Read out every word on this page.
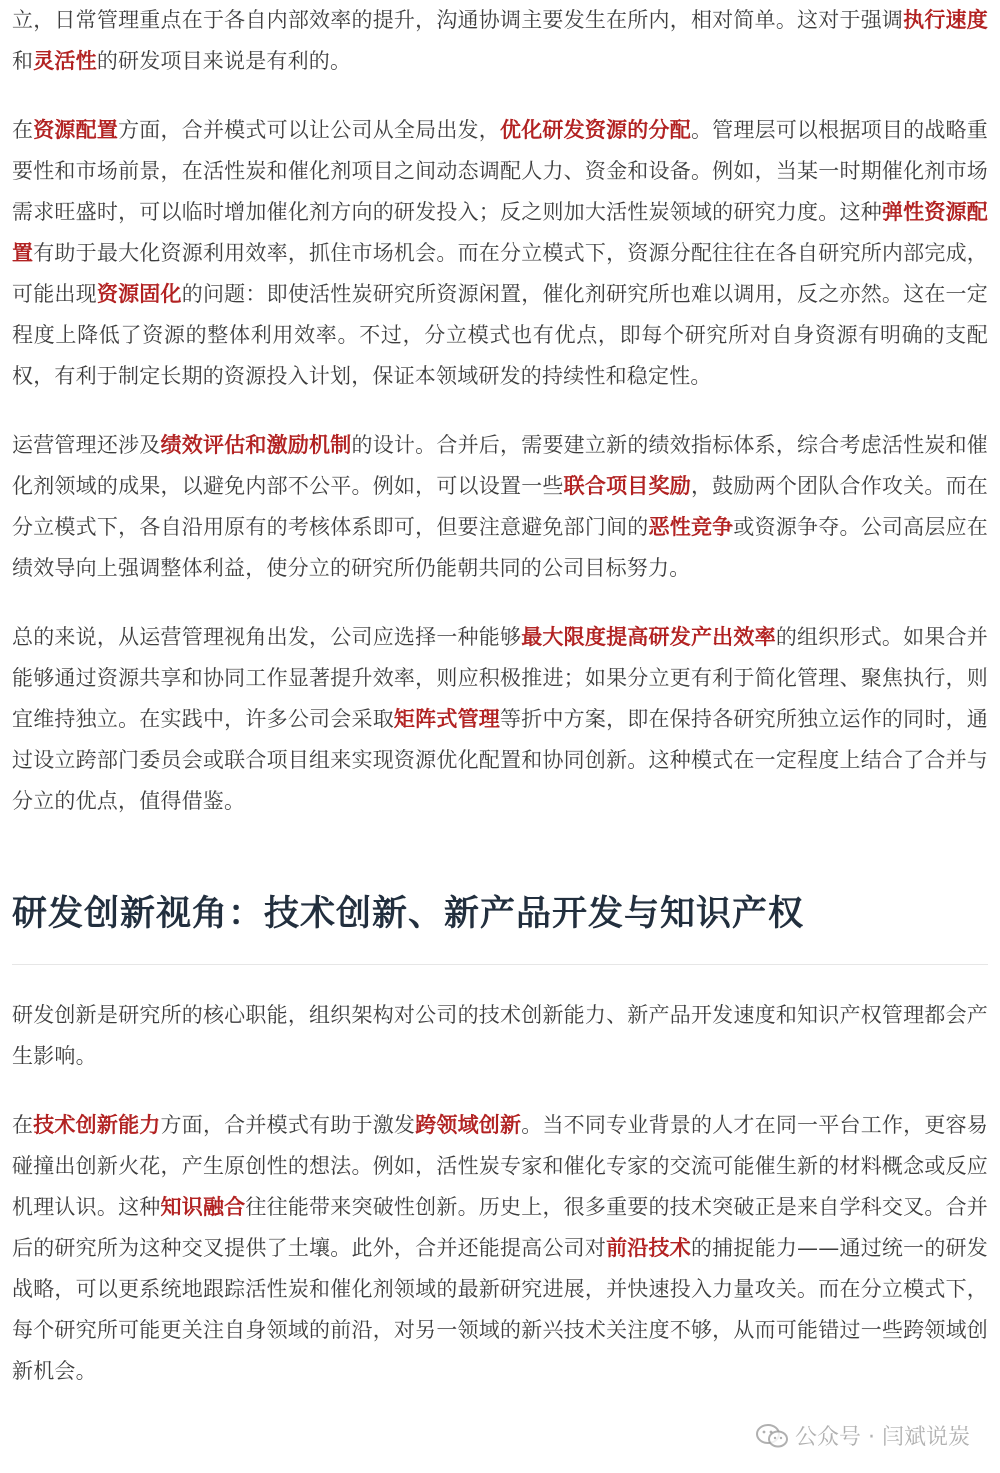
立，日常管理重点在于各自内部效率的提升，沟通协调主要发生在所内，相对简单。这对于强调执行速度和灵活性的研发项目来说是有利的。

在资源配置方面，合并模式可以让公司从全局出发，优化研发资源的分配。管理层可以根据项目的战略重要性和市场前景，在活性炭和催化剂项目之间动态调配人力、资金和设备。例如，当某一时期催化剂市场需求旺盛时，可以临时增加催化剂方向的研发投入；反之则加大活性炭领域的研究力度。这种弹性资源配置有助于最大化资源利用效率，抓住市场机会。而在分立模式下，资源分配往往在各自研究所内部完成，可能出现资源固化的问题：即使活性炭研究所资源闲置，催化剂研究所也难以调用，反之亦然。这在一定程度上降低了资源的整体利用效率。不过，分立模式也有优点，即每个研究所对自身资源有明确的支配权，有利于制定长期的资源投入计划，保证本领域研发的持续性和稳定性。

运营管理还涉及绩效评估和激励机制的设计。合并后，需要建立新的绩效指标体系，综合考虑活性炭和催化剂领域的成果，以避免内部不公平。例如，可以设置一些联合项目奖励，鼓励两个团队合作攻关。而在分立模式下，各自沿用原有的考核体系即可，但要注意避免部门间的恶性竞争或资源争夺。公司高层应在绩效导向上强调整体利益，使分立的研究所仍能朝共同的公司目标努力。

总的来说，从运营管理视角出发，公司应选择一种能够最大限度提高研发产出效率的组织形式。如果合并能够通过资源共享和协同工作显著提升效率，则应积极推进；如果分立更有利于简化管理、聚焦执行，则宜维持独立。在实践中，许多公司会采取矩阵式管理等折中方案，即在保持各研究所独立运作的同时，通过设立跨部门委员会或联合项目组来实现资源优化配置和协同创新。这种模式在一定程度上结合了合并与分立的优点，值得借鉴。

研发创新视角：技术创新、新产品开发与知识产权

研发创新是研究所的核心职能，组织架构对公司的技术创新能力、新产品开发速度和知识产权管理都会产生影响。

在技术创新能力方面，合并模式有助于激发跨领域创新。当不同专业背景的人才在同一平台工作，更容易碰撞出创新火花，产生原创性的想法。例如，活性炭专家和催化专家的交流可能催生新的材料概念或反应机理认识。这种知识融合往往能带来突破性创新。历史上，很多重要的技术突破正是来自学科交叉。合并后的研究所为这种交叉提供了土壤。此外，合并还能提高公司对前沿技术的捕捉能力——通过统一的研发战略，可以更系统地跟踪活性炭和催化剂领域的最新研究进展，并快速投入力量攻关。而在分立模式下，每个研究所可能更关注自身领域的前沿，对另一领域的新兴技术关注度不够，从而可能错过一些跨领域创新机会。

公众号 · 闫斌说炭
